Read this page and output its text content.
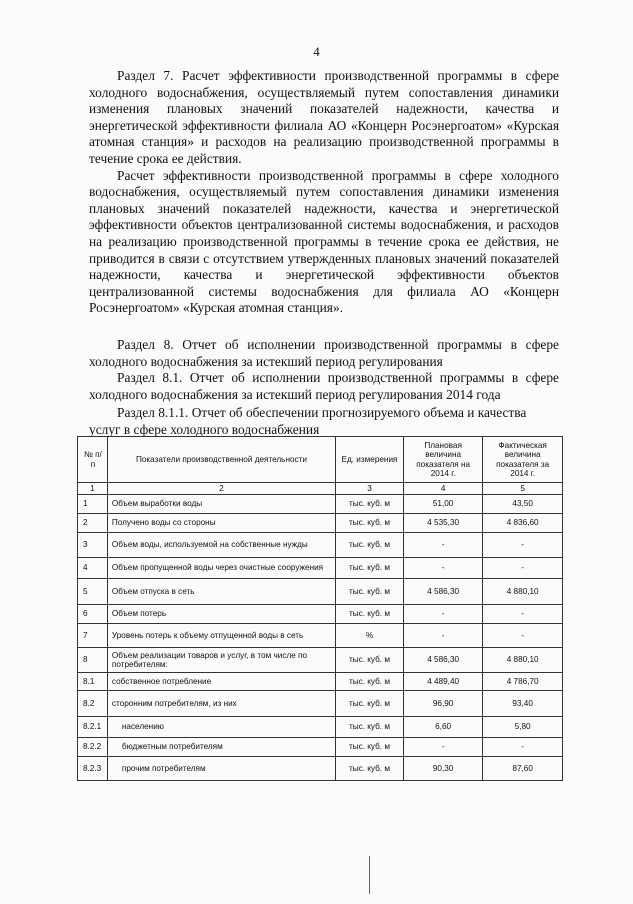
4

Раздел 7. Расчет эффективности производственной программы в сфере холодного водоснабжения, осуществляемый путем сопоставления динамики изменения плановых значений показателей надежности, качества и энергетической эффективности филиала АО «Концерн Росэнергоатом» «Курская атомная станция» и расходов на реализацию производственной программы в течение срока ее действия.

Расчет эффективности производственной программы в сфере холодного водоснабжения, осуществляемый путем сопоставления динамики изменения плановых значений показателей надежности, качества и энергетической эффективности объектов централизованной системы водоснабжения, и расходов на реализацию производственной программы в течение срока ее действия, не приводится в связи с отсутствием утвержденных плановых значений показателей надежности, качества и энергетической эффективности объектов централизованной системы водоснабжения для филиала АО «Концерн Росэнергоатом» «Курская атомная станция».

Раздел 8. Отчет об исполнении производственной программы в сфере холодного водоснабжения за истекший период регулирования

Раздел 8.1. Отчет об исполнении производственной программы в сфере холодного водоснабжения за истекший период регулирования 2014 года

Раздел 8.1.1. Отчет об обеспечении прогнозируемого объема и качества услуг в сфере холодного водоснабжения

№ п/п	Показатели производственной деятельности	Ед. измерения	Плановая величина показателя на 2014 г.	Фактическая величина показателя за 2014 г.
1	2	3	4	5
1	Объем выработки воды	тыс. куб. м	51,00	43,50
2	Получено воды со стороны	тыс. куб. м	4 535,30	4 836,60
3	Объем воды, используемой на собственные нужды	тыс. куб. м	-	-
4	Объем пропущенной воды через очистные сооружения	тыс. куб. м	-	-
5	Объем отпуска в сеть	тыс. куб. м	4 586,30	4 880,10
6	Объем потерь	тыс. куб. м	-	-
7	Уровень потерь к объему отпущенной воды в сеть	%	-	-
8	Объем реализации товаров и услуг, в том числе по потребителям:	тыс. куб. м	4 586,30	4 880,10
8.1	собственное потребление	тыс. куб. м	4 489,40	4 786,70
8.2	сторонним потребителям, из них	тыс. куб. м	96,90	93,40
8.2.1	населению	тыс. куб. м	6,60	5,80
8.2.2	бюджетным потребителям	тыс. куб. м	-	-
8.2.3	прочим потребителям	тыс. куб. м	90,30	87,60
